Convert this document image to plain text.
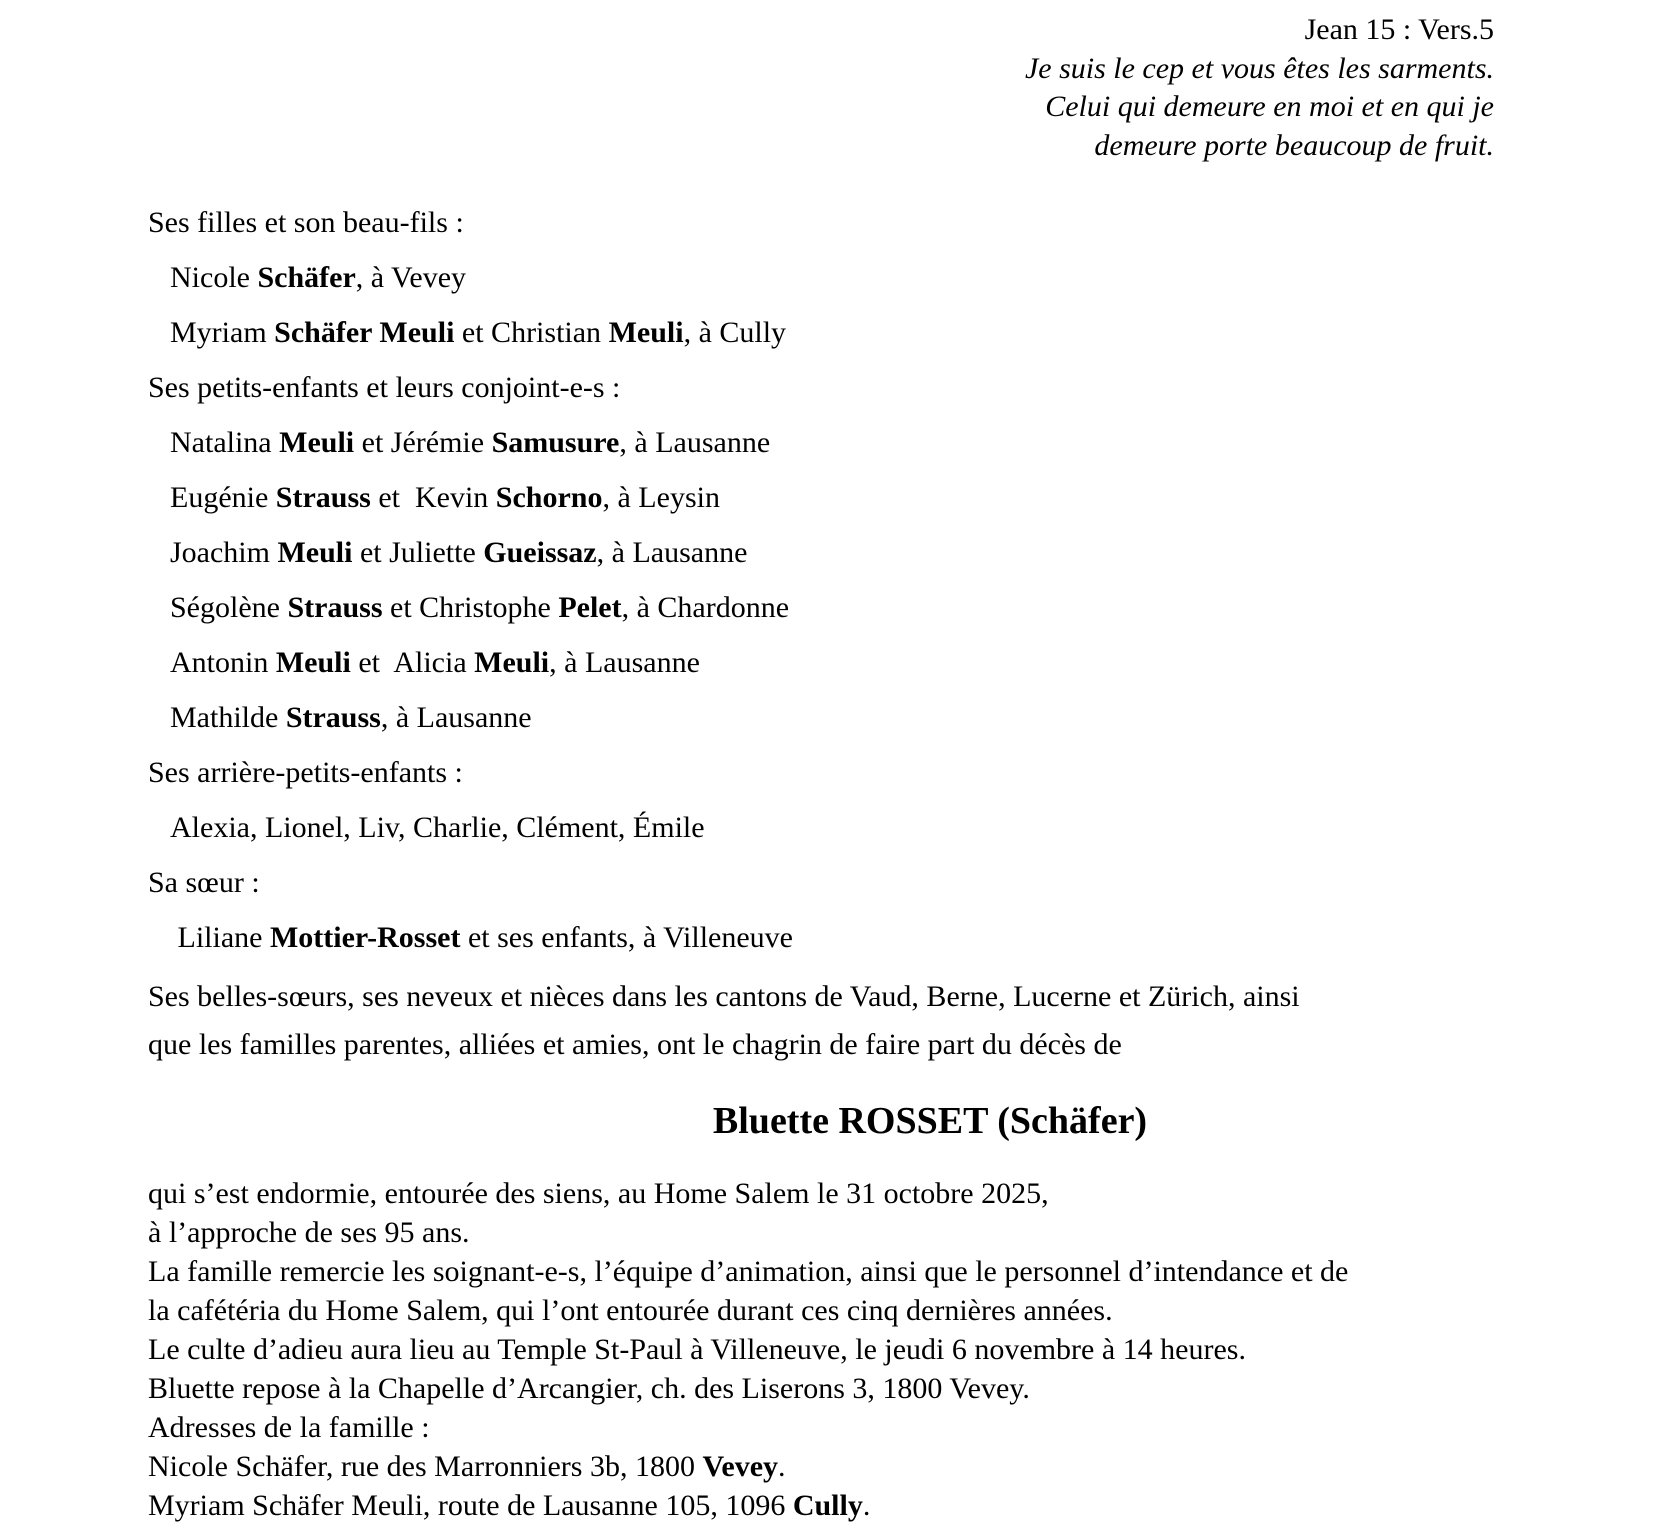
Jean 15 : Vers.5
Je suis le cep et vous êtes les sarments.
Celui qui demeure en moi et en qui je
demeure porte beaucoup de fruit.
Ses filles et son beau-fils :
Nicole Schäfer, à Vevey
Myriam Schäfer Meuli et Christian Meuli, à Cully
Ses petits-enfants et leurs conjoint-e-s :
Natalina Meuli et Jérémie Samusure, à Lausanne
Eugénie Strauss et  Kevin Schorno, à Leysin
Joachim Meuli et Juliette Gueissaz, à Lausanne
Ségolène Strauss et Christophe Pelet, à Chardonne
Antonin Meuli et  Alicia Meuli, à Lausanne
Mathilde Strauss, à Lausanne
Ses arrière-petits-enfants :
Alexia, Lionel, Liv, Charlie, Clément, Émile
Sa sœur :
Liliane Mottier-Rosset et ses enfants, à Villeneuve
Ses belles-sœurs, ses neveux et nièces dans les cantons de Vaud, Berne, Lucerne et Zürich, ainsi
que les familles parentes, alliées et amies, ont le chagrin de faire part du décès de
Bluette ROSSET (Schäfer)
qui s’est endormie, entourée des siens, au Home Salem le 31 octobre 2025,
à l’approche de ses 95 ans.
La famille remercie les soignant-e-s, l’équipe d’animation, ainsi que le personnel d’intendance et de
la cafétéria du Home Salem, qui l’ont entourée durant ces cinq dernières années.
Le culte d’adieu aura lieu au Temple St-Paul à Villeneuve, le jeudi 6 novembre à 14 heures.
Bluette repose à la Chapelle d’Arcangier, ch. des Liserons 3, 1800 Vevey.
Adresses de la famille :
Nicole Schäfer, rue des Marronniers 3b, 1800 Vevey.
Myriam Schäfer Meuli, route de Lausanne 105, 1096 Cully.
